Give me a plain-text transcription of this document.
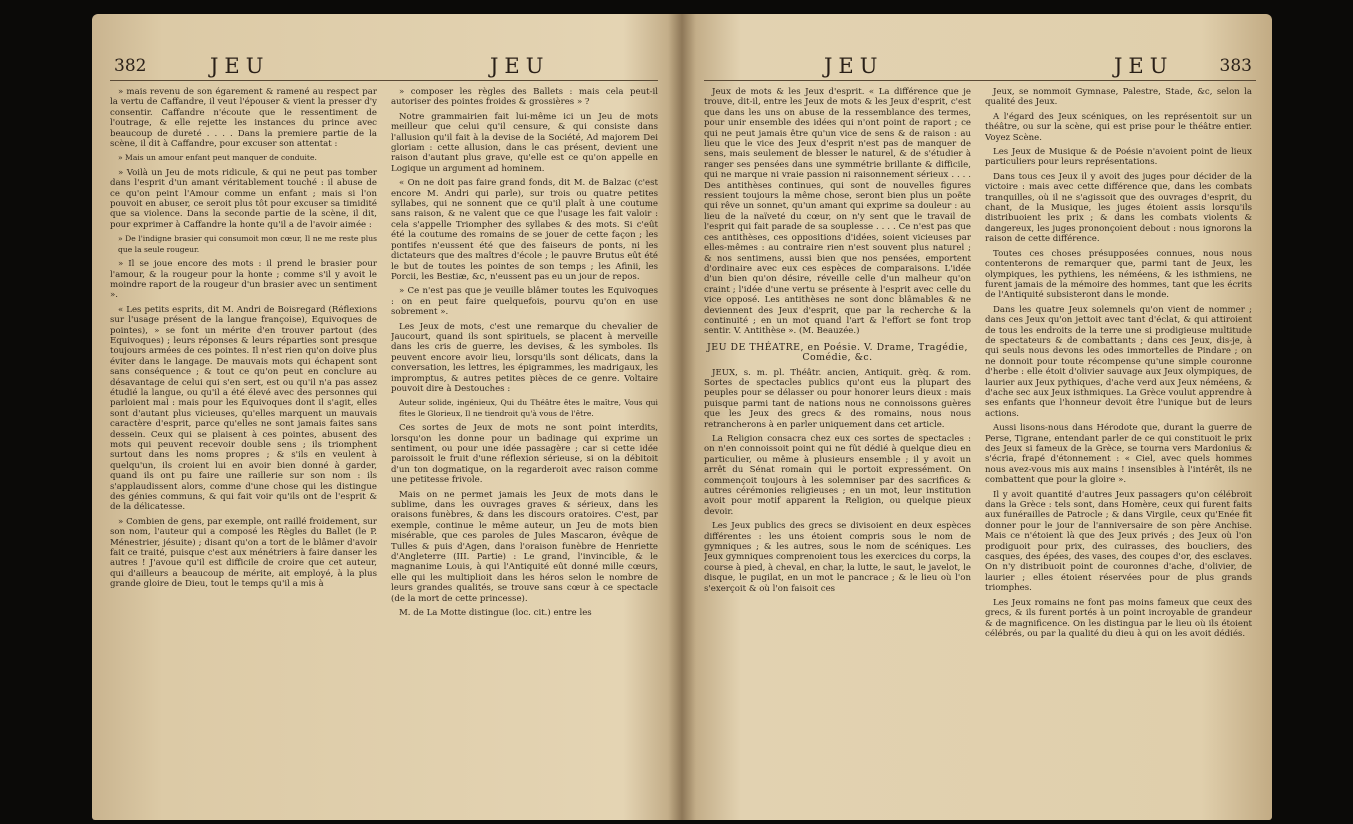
382	JEU	JEU

» mais revenu de son égarement & ramené au respect par la vertu de Caffandre, il veut l'épouser & vient la presser d'y consentir. Caffandre n'écoute que le ressentiment de l'outrage, & elle rejette les instances du prince avec beaucoup de dureté . . . . Dans la premiere partie de la scène, il dit à Caffandre, pour excuser son attentat :

» Mais un amour enfant peut manquer de conduite.

» Voilà un Jeu de mots ridicule, & qui ne peut pas tomber dans l'esprit d'un amant véritablement touché : il abuse de ce qu'on peint l'Amour comme un enfant ; mais si l'on pouvoit en abuser, ce seroit plus tôt pour excuser sa timidité que sa violence. Dans la seconde partie de la scène, il dit, pour exprimer à Caffandre la honte qu'il a de l'avoir aimée :

» De l'indigne brasier qui consumoit mon cœur, Il ne me reste plus que la seule rougeur.

» Il se joue encore des mots : il prend le brasier pour l'amour, & la rougeur pour la honte ; comme s'il y avoit le moindre raport de la rougeur d'un brasier avec un sentiment ».

« Les petits esprits, dit M. Andri de Boisregard (Réflexions sur l'usage présent de la langue françoise), Equivoques de pointes), » se font un mérite d'en trouver partout (des Equivoques) ; leurs réponses & leurs réparties sont presque toujours armées de ces pointes. Il n'est rien qu'on doive plus éviter dans le langage. De mauvais mots qui échapent sont sans conséquence ; & tout ce qu'on peut en conclure au désavantage de celui qui s'en sert, est ou qu'il n'a pas assez étudié la langue, ou qu'il a été élevé avec des personnes qui parloient mal : mais pour les Equivoques dont il s'agit, elles sont d'autant plus vicieuses, qu'elles marquent un mauvais caractère d'esprit, parce qu'elles ne sont jamais faites sans dessein. Ceux qui se plaisent à ces pointes, abusent des mots qui peuvent recevoir double sens ; ils triomphent surtout dans les noms propres ; & s'ils en veulent à quelqu'un, ils croient lui en avoir bien donné à garder, quand ils ont pu faire une raillerie sur son nom : ils s'applaudissent alors, comme d'une chose qui les distingue des génies communs, & qui fait voir qu'ils ont de l'esprit & de la délicatesse.

» Combien de gens, par exemple, ont raillé froidement, sur son nom, l'auteur qui a composé les Règles du Ballet (le P. Ménestrier, jésuite) ; disant qu'on a tort de le blâmer d'avoir fait ce traité, puisque c'est aux ménétriers à faire danser les autres ! J'avoue qu'il est difficile de croire que cet auteur, qui d'ailleurs a beaucoup de mérite, ait employé, à la plus grande gloire de Dieu, tout le temps qu'il a mis à

» composer les règles des Ballets : mais cela peut-il autoriser des pointes froides & grossières » ?

Notre grammairien fait lui-même ici un Jeu de mots meilleur que celui qu'il censure, & qui consiste dans l'allusion qu'il fait à la devise de la Société, Ad majorem Dei gloriam : cette allusion, dans le cas présent, devient une raison d'autant plus grave, qu'elle est ce qu'on appelle en Logique un argument ad hominem.

« On ne doit pas faire grand fonds, dit M. de Balzac (c'est encore M. Andri qui parle), sur trois ou quatre petites syllabes, qui ne sonnent que ce qu'il plaît à une coutume sans raison, & ne valent que ce que l'usage les fait valoir : cela s'appelle Triompher des syllabes & des mots. Si c'eût été la coutume des romains de se jouer de cette façon ; les pontifes n'eussent été que des faiseurs de ponts, ni les dictateurs que des maîtres d'école ; le pauvre Brutus eût été le but de toutes les pointes de son temps ; les Afinii, les Porcii, les Bestiæ, &c, n'eussent pas eu un jour de repos.

» Ce n'est pas que je veuille blâmer toutes les Equivoques : on en peut faire quelquefois, pourvu qu'on en use sobrement ».

Les Jeux de mots, c'est une remarque du chevalier de Jaucourt, quand ils sont spirituels, se placent à merveille dans les cris de guerre, les devises, & les symboles. Ils peuvent encore avoir lieu, lorsqu'ils sont délicats, dans la conversation, les lettres, les épigrammes, les madrigaux, les impromptus, & autres petites pièces de ce genre. Voltaire pouvoit dire à Destouches :

Auteur solide, ingénieux, Qui du Théâtre êtes le maître, Vous qui fîtes le Glorieux, Il ne tiendroit qu'à vous de l'être.

Ces sortes de Jeux de mots ne sont point interdits, lorsqu'on les donne pour un badinage qui exprime un sentiment, ou pour une idée passagère ; car si cette idée paroissoit le fruit d'une réflexion sérieuse, si on la débitoit d'un ton dogmatique, on la regarderoit avec raison comme une petitesse frivole.

Mais on ne permet jamais les Jeux de mots dans le sublime, dans les ouvrages graves & sérieux, dans les oraisons funèbres, & dans les discours oratoires. C'est, par exemple, continue le même auteur, un Jeu de mots bien misérable, que ces paroles de Jules Mascaron, évêque de Tulles & puis d'Agen, dans l'oraison funèbre de Henriette d'Angleterre (III. Partie) : Le grand, l'invincible, & le magnanime Louis, à qui l'Antiquité eût donné mille cœurs, elle qui les multiplioit dans les héros selon le nombre de leurs grandes qualités, se trouve sans cœur à ce spectacle (de la mort de cette princesse).

M. de La Motte distingue (loc. cit.) entre les

JEU	JEU	383

Jeux de mots & les Jeux d'esprit. « La différence que je trouve, dit-il, entre les Jeux de mots & les Jeux d'esprit, c'est que dans les uns on abuse de la ressemblance des termes, pour unir ensemble des idées qui n'ont point de raport ; ce qui ne peut jamais être qu'un vice de sens & de raison : au lieu que le vice des Jeux d'esprit n'est pas de manquer de sens, mais seulement de blesser le naturel, & de s'étudier à ranger ses pensées dans une symmétrie brillante & difficile, qui ne marque ni vraie passion ni raisonnement sérieux . . . . Des antithèses continues, qui sont de nouvelles figures ressient toujours la même chose, seront bien plus un poëte qui rêve un sonnet, qu'un amant qui exprime sa douleur : au lieu de la naïveté du cœur, on n'y sent que le travail de l'esprit qui fait parade de sa souplesse . . . . Ce n'est pas que ces antithèses, ces oppositions d'idées, soient vicieuses par elles-mêmes : au contraire rien n'est souvent plus naturel ; & nos sentimens, aussi bien que nos pensées, emportent d'ordinaire avec eux ces espèces de comparaisons. L'idée d'un bien qu'on désire, réveille celle d'un malheur qu'on craint ; l'idée d'une vertu se présente à l'esprit avec celle du vice opposé. Les antithèses ne sont donc blâmables & ne deviennent des Jeux d'esprit, que par la recherche & la continuité ; en un mot quand l'art & l'effort se font trop sentir. V. Antithèse ». (M. Beauzée.)

JEU DE THÉATRE, en Poésie. V. Drame, Tragédie, Comédie, &c.

JEUX, s. m. pl. Théâtr. ancien, Antiquit. grèq. & rom. Sortes de spectacles publics qu'ont eus la plupart des peuples pour se délasser ou pour honorer leurs dieux : mais puisque parmi tant de nations nous ne connoissons guères que les Jeux des grecs & des romains, nous nous retrancherons à en parler uniquement dans cet article.

La Religion consacra chez eux ces sortes de spectacles : on n'en connoissoit point qui ne fût dédié à quelque dieu en particulier, ou même à plusieurs ensemble ; il y avoit un arrêt du Sénat romain qui le portoit expressément. On commençoit toujours à les solemniser par des sacrifices & autres cérémonies religieuses ; en un mot, leur institution avoit pour motif apparent la Religion, ou quelque pieux devoir.

Les Jeux publics des grecs se divisoient en deux espèces différentes : les uns étoient compris sous le nom de gymniques ; & les autres, sous le nom de scéniques. Les Jeux gymniques comprenoient tous les exercices du corps, la course à pied, à cheval, en char, la lutte, le saut, le javelot, le disque, le pugilat, en un mot le pancrace ; & le lieu où l'on s'exerçoit & où l'on faisoit ces

Jeux, se nommoit Gymnase, Palestre, Stade, &c, selon la qualité des Jeux.

A l'égard des Jeux scéniques, on les représentoit sur un théâtre, ou sur la scène, qui est prise pour le théâtre entier. Voyez Scène.

Les Jeux de Musique & de Poésie n'avoient point de lieux particuliers pour leurs représentations.

Dans tous ces Jeux il y avoit des juges pour décider de la victoire : mais avec cette différence que, dans les combats tranquilles, où il ne s'agissoit que des ouvrages d'esprit, du chant, de la Musique, les juges étoient assis lorsqu'ils distribuoient les prix ; & dans les combats violents & dangereux, les juges prononçoient debout : nous ignorons la raison de cette différence.

Toutes ces choses présupposées connues, nous nous contenterons de remarquer que, parmi tant de Jeux, les olympiques, les pythiens, les néméens, & les isthmiens, ne furent jamais de la mémoire des hommes, tant que les écrits de l'Antiquité subsisteront dans le monde.

Dans les quatre Jeux solemnels qu'on vient de nommer ; dans ces Jeux qu'on jettoit avec tant d'éclat, & qui attiroient de tous les endroits de la terre une si prodigieuse multitude de spectateurs & de combattants ; dans ces Jeux, dis-je, à qui seuls nous devons les odes immortelles de Pindare ; on ne donnoit pour toute récompense qu'une simple couronne d'herbe : elle étoit d'olivier sauvage aux Jeux olympiques, de laurier aux Jeux pythiques, d'ache verd aux Jeux néméens, & d'ache sec aux Jeux isthmiques. La Grèce voulut apprendre à ses enfants que l'honneur devoit être l'unique but de leurs actions.

Aussi lisons-nous dans Hérodote que, durant la guerre de Perse, Tigrane, entendant parler de ce qui constituoit le prix des Jeux si fameux de la Grèce, se tourna vers Mardonius & s'écria, frapé d'étonnement : « Ciel, avec quels hommes nous avez-vous mis aux mains ! insensibles à l'intérêt, ils ne combattent que pour la gloire ».

Il y avoit quantité d'autres Jeux passagers qu'on célébroit dans la Grèce : tels sont, dans Homère, ceux qui furent faits aux funérailles de Patrocle ; & dans Virgile, ceux qu'Enée fit donner pour le jour de l'anniversaire de son père Anchise. Mais ce n'étoient là que des Jeux privés ; des Jeux où l'on prodiguoit pour prix, des cuirasses, des boucliers, des casques, des épées, des vases, des coupes d'or, des esclaves. On n'y distribuoit point de couronnes d'ache, d'olivier, de laurier ; elles étoient réservées pour de plus grands triomphes.

Les Jeux romains ne font pas moins fameux que ceux des grecs, & ils furent portés à un point incroyable de grandeur & de magnificence. On les distingua par le lieu où ils étoient célébrés, ou par la qualité du dieu à qui on les avoit dédiés.
